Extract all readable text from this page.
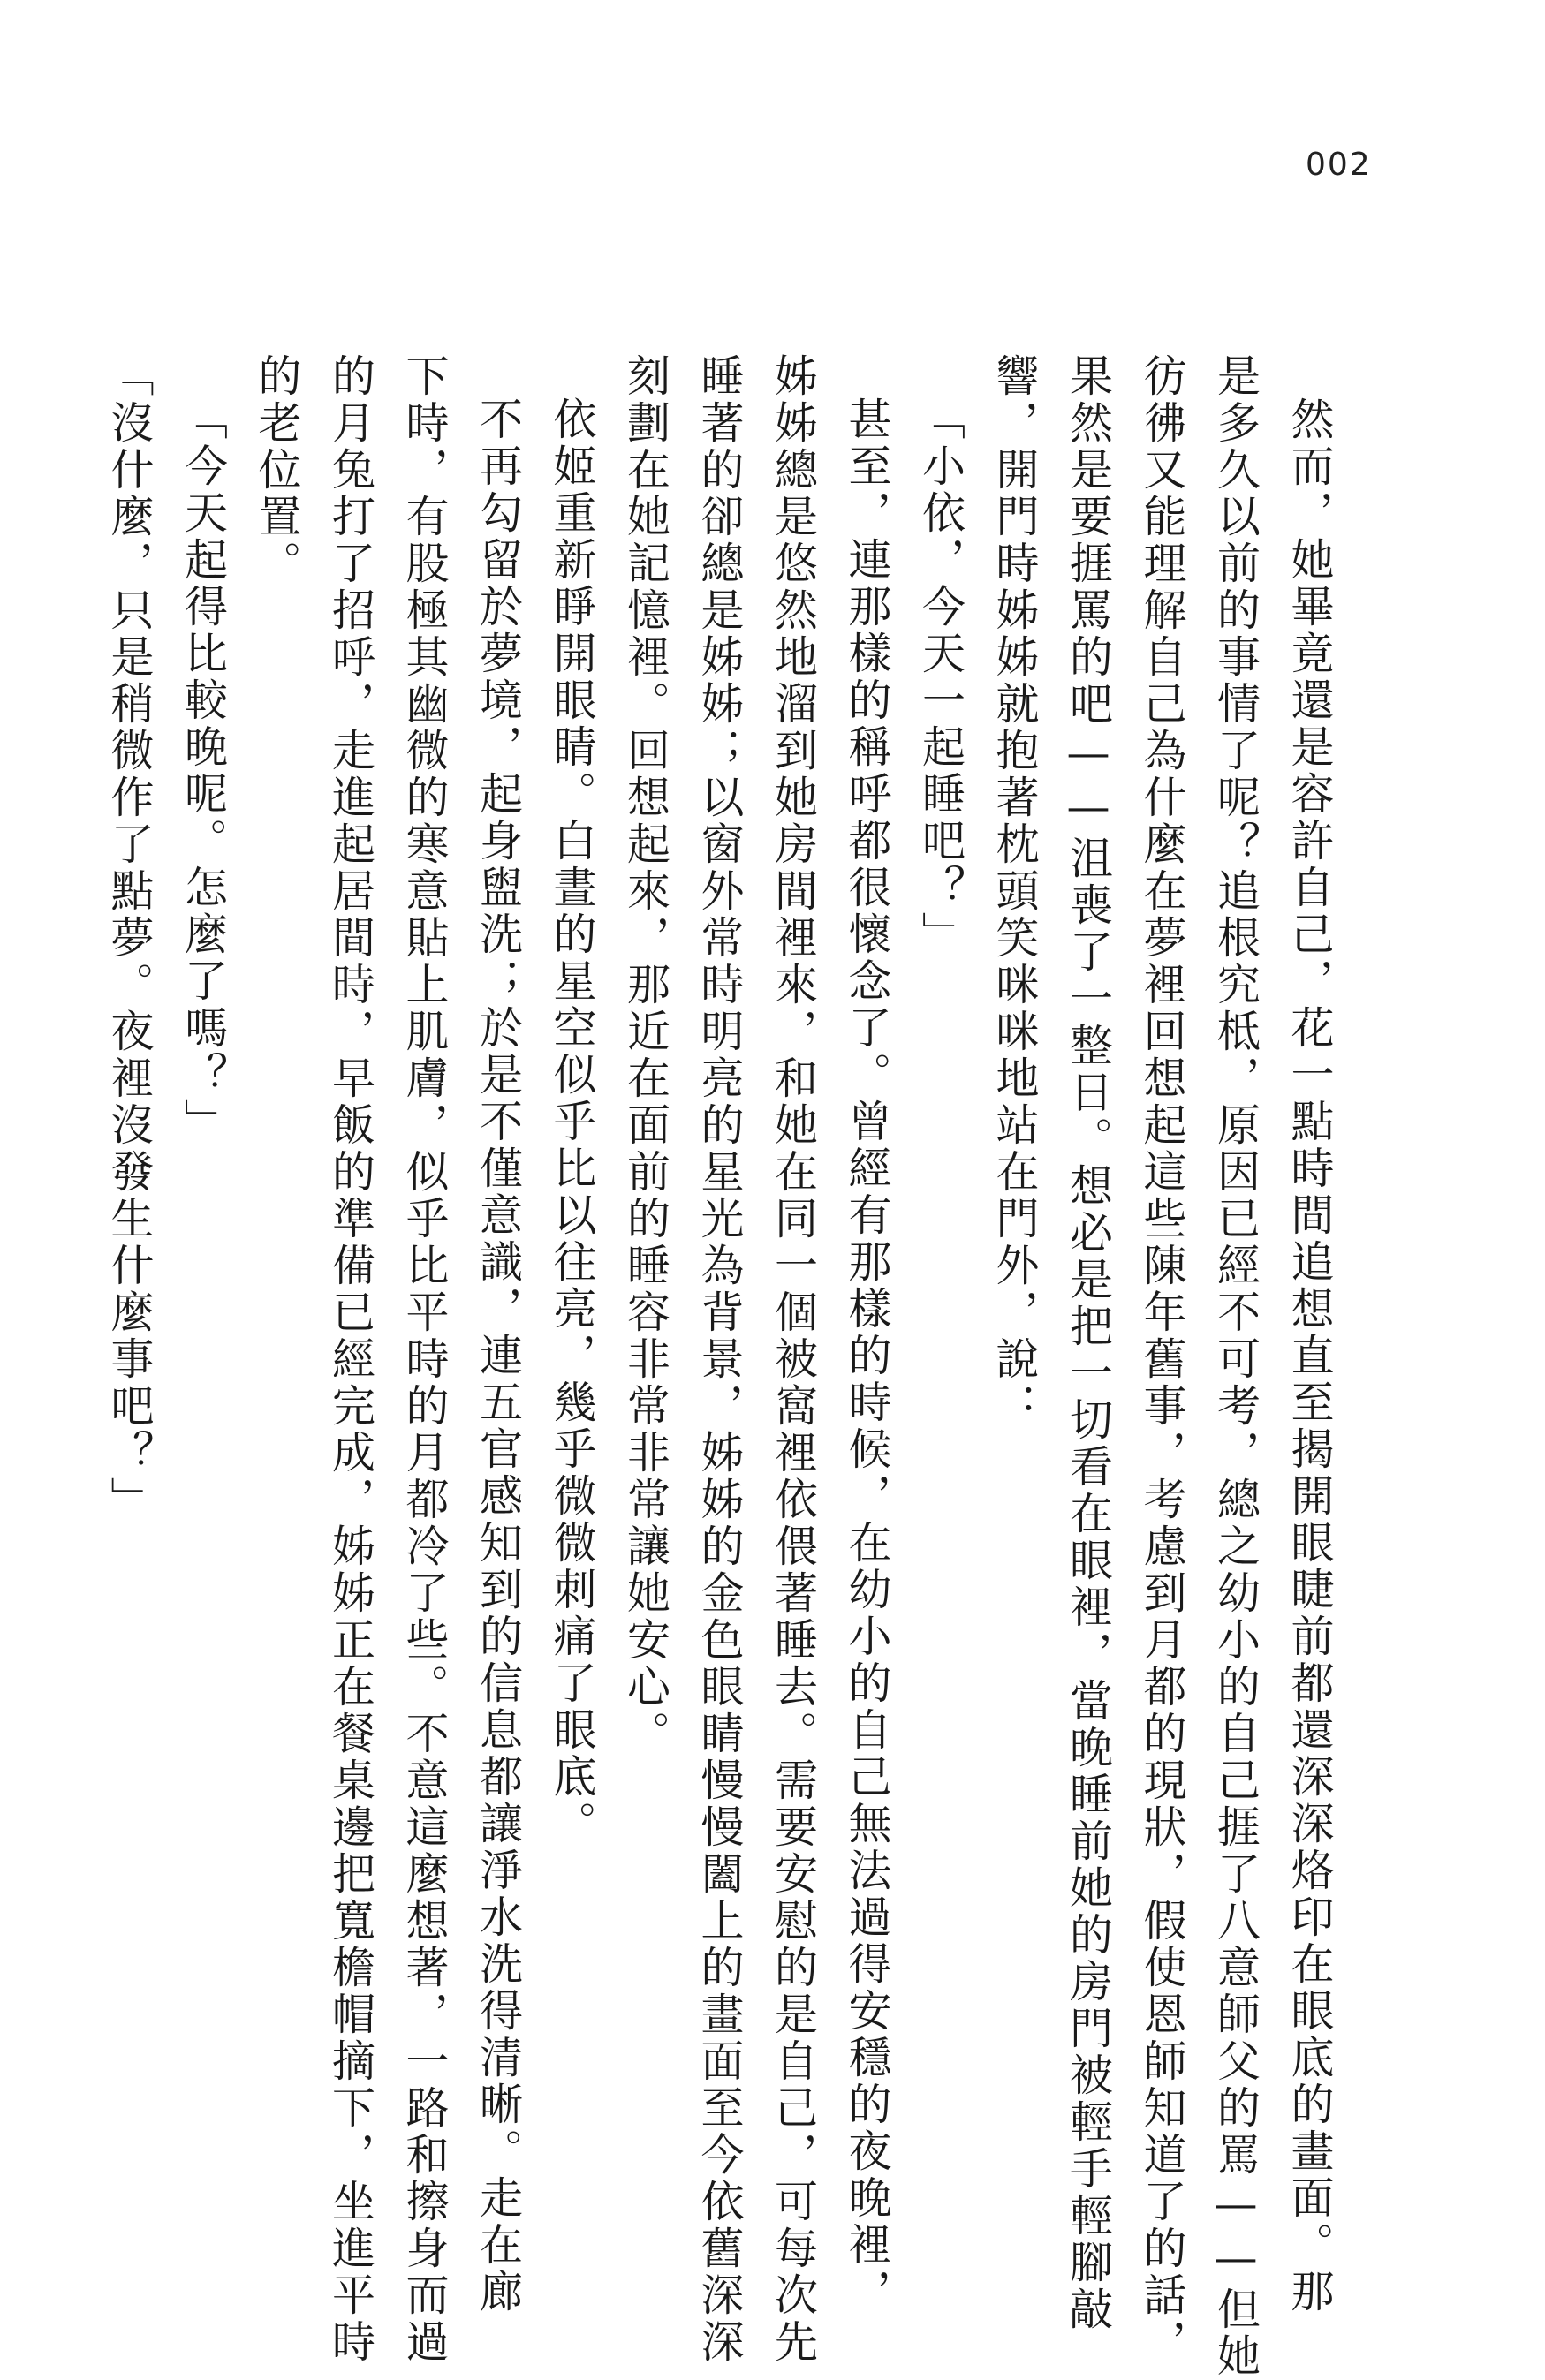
002

然而，她畢竟還是容許自己，花一點時間追想直至揭開眼睫前都還深深烙印在眼底的畫面。那

是多久以前的事情了呢？追根究柢，原因已經不可考，總之幼小的自己捱了八意師父的罵——但她

彷彿又能理解自己為什麼在夢裡回想起這些陳年舊事，考慮到月都的現狀，假使恩師知道了的話，

果然是要捱罵的吧——沮喪了一整日。想必是把一切看在眼裡，當晚睡前她的房門被輕手輕腳敲

響，開門時姊姊就抱著枕頭笑咪咪地站在門外，說：

「小依，今天一起睡吧？」

甚至，連那樣的稱呼都很懷念了。曾經有那樣的時候，在幼小的自己無法過得安穩的夜晚裡，

姊姊總是悠然地溜到她房間裡來，和她在同一個被窩裡依偎著睡去。需要安慰的是自己，可每次先

睡著的卻總是姊姊；以窗外常時明亮的星光為背景，姊姊的金色眼睛慢慢闔上的畫面至今依舊深深

刻劃在她記憶裡。回想起來，那近在面前的睡容非常非常讓她安心。

依姬重新睜開眼睛。白晝的星空似乎比以往亮，幾乎微微刺痛了眼底。

不再勾留於夢境，起身盥洗；於是不僅意識，連五官感知到的信息都讓淨水洗得清晰。走在廊

下時，有股極其幽微的寒意貼上肌膚，似乎比平時的月都冷了些。不意這麼想著，一路和擦身而過

的月兔打了招呼，走進起居間時，早飯的準備已經完成，姊姊正在餐桌邊把寬檐帽摘下，坐進平時

的老位置。

「今天起得比較晚呢。怎麼了嗎？」

「沒什麼，只是稍微作了點夢。夜裡沒發生什麼事吧？」
